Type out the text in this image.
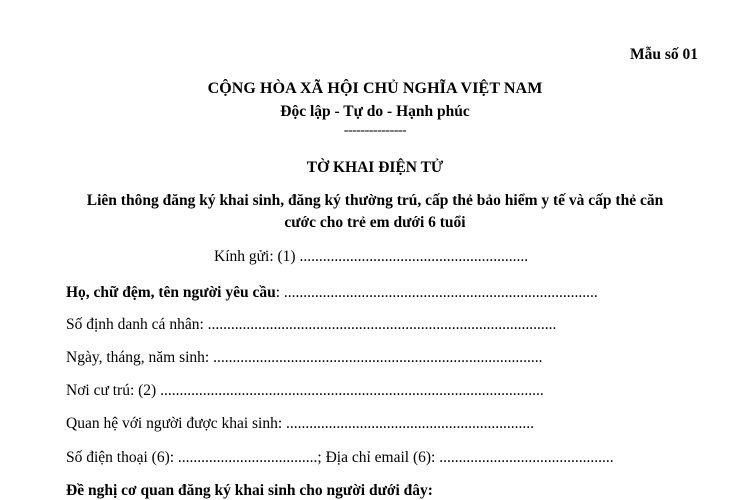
Mẫu số 01
CỘNG HÒA XÃ HỘI CHỦ NGHĨA VIỆT NAM
Độc lập - Tự do - Hạnh phúc
---------------
TỜ KHAI ĐIỆN TỬ
Liên thông đăng ký khai sinh, đăng ký thường trú, cấp thẻ bảo hiểm y tế và cấp thẻ căn
cước cho trẻ em dưới 6 tuổi
Kính gửi: (1) ...........................................................
Họ, chữ đệm, tên người yêu cầu: .................................................................................
Số định danh cá nhân: ..........................................................................................
Ngày, tháng, năm sinh: .....................................................................................
Nơi cư trú: (2) ...................................................................................................
Quan hệ với người được khai sinh: ................................................................
Số điện thoại (6): ....................................; Địa chỉ email (6): .............................................
Đề nghị cơ quan đăng ký khai sinh cho người dưới đây:
